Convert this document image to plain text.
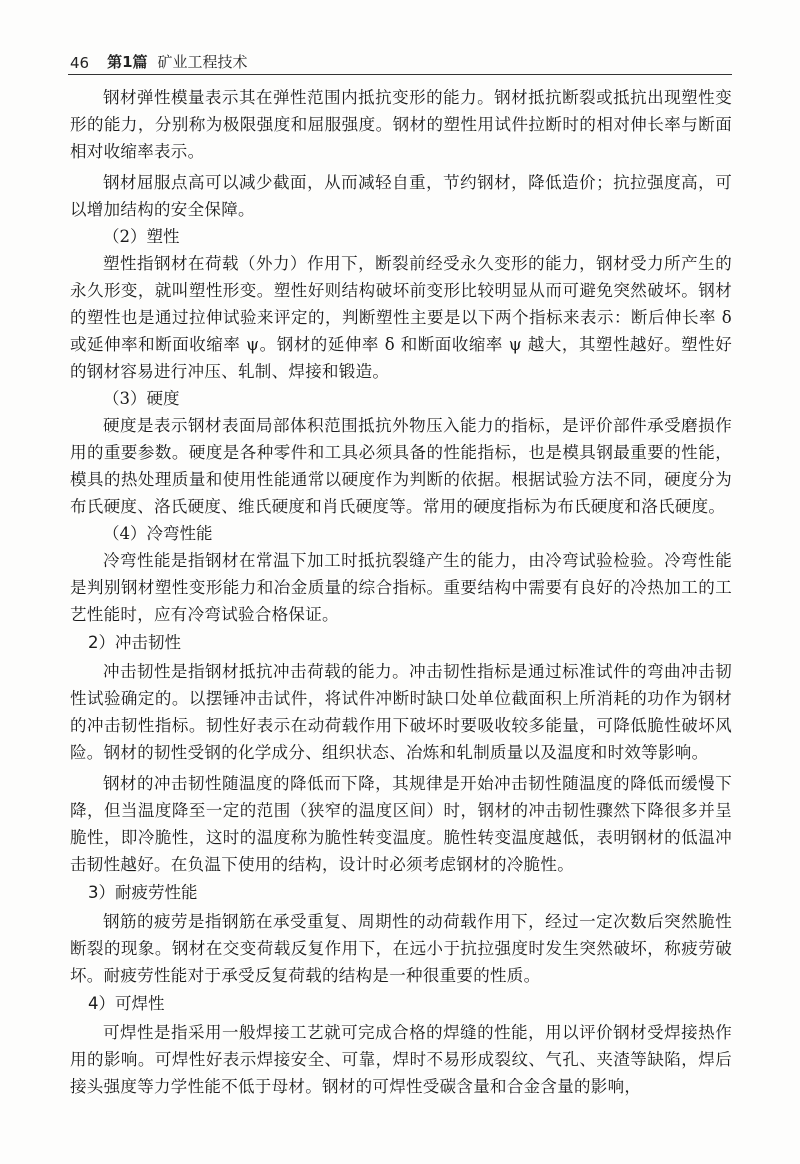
46 第1篇 矿业工程技术

钢材弹性模量表示其在弹性范围内抵抗变形的能力。钢材抵抗断裂或抵抗出现塑性变形的能力，分别称为极限强度和屈服强度。钢材的塑性用试件拉断时的相对伸长率与断面相对收缩率表示。

钢材屈服点高可以减少截面，从而减轻自重，节约钢材，降低造价；抗拉强度高，可以增加结构的安全保障。

（2）塑性

塑性指钢材在荷载（外力）作用下，断裂前经受永久变形的能力，钢材受力所产生的永久形变，就叫塑性形变。塑性好则结构破坏前变形比较明显从而可避免突然破坏。钢材的塑性也是通过拉伸试验来评定的，判断塑性主要是以下两个指标来表示：断后伸长率 δ 或延伸率和断面收缩率 ψ。钢材的延伸率 δ 和断面收缩率 ψ 越大，其塑性越好。塑性好的钢材容易进行冲压、轧制、焊接和锻造。

（3）硬度

硬度是表示钢材表面局部体积范围抵抗外物压入能力的指标，是评价部件承受磨损作用的重要参数。硬度是各种零件和工具必须具备的性能指标，也是模具钢最重要的性能，模具的热处理质量和使用性能通常以硬度作为判断的依据。根据试验方法不同，硬度分为布氏硬度、洛氏硬度、维氏硬度和肖氏硬度等。常用的硬度指标为布氏硬度和洛氏硬度。

（4）冷弯性能

冷弯性能是指钢材在常温下加工时抵抗裂缝产生的能力，由冷弯试验检验。冷弯性能是判别钢材塑性变形能力和冶金质量的综合指标。重要结构中需要有良好的冷热加工的工艺性能时，应有冷弯试验合格保证。

2）冲击韧性

冲击韧性是指钢材抵抗冲击荷载的能力。冲击韧性指标是通过标准试件的弯曲冲击韧性试验确定的。以摆锤冲击试件，将试件冲断时缺口处单位截面积上所消耗的功作为钢材的冲击韧性指标。韧性好表示在动荷载作用下破坏时要吸收较多能量，可降低脆性破坏风险。钢材的韧性受钢的化学成分、组织状态、冶炼和轧制质量以及温度和时效等影响。

钢材的冲击韧性随温度的降低而下降，其规律是开始冲击韧性随温度的降低而缓慢下降，但当温度降至一定的范围（狭窄的温度区间）时，钢材的冲击韧性骤然下降很多并呈脆性，即冷脆性，这时的温度称为脆性转变温度。脆性转变温度越低，表明钢材的低温冲击韧性越好。在负温下使用的结构，设计时必须考虑钢材的冷脆性。

3）耐疲劳性能

钢筋的疲劳是指钢筋在承受重复、周期性的动荷载作用下，经过一定次数后突然脆性断裂的现象。钢材在交变荷载反复作用下，在远小于抗拉强度时发生突然破坏，称疲劳破坏。耐疲劳性能对于承受反复荷载的结构是一种很重要的性质。

4）可焊性

可焊性是指采用一般焊接工艺就可完成合格的焊缝的性能，用以评价钢材受焊接热作用的影响。可焊性好表示焊接安全、可靠，焊时不易形成裂纹、气孔、夹渣等缺陷，焊后接头强度等力学性能不低于母材。钢材的可焊性受碳含量和合金含量的影响，
